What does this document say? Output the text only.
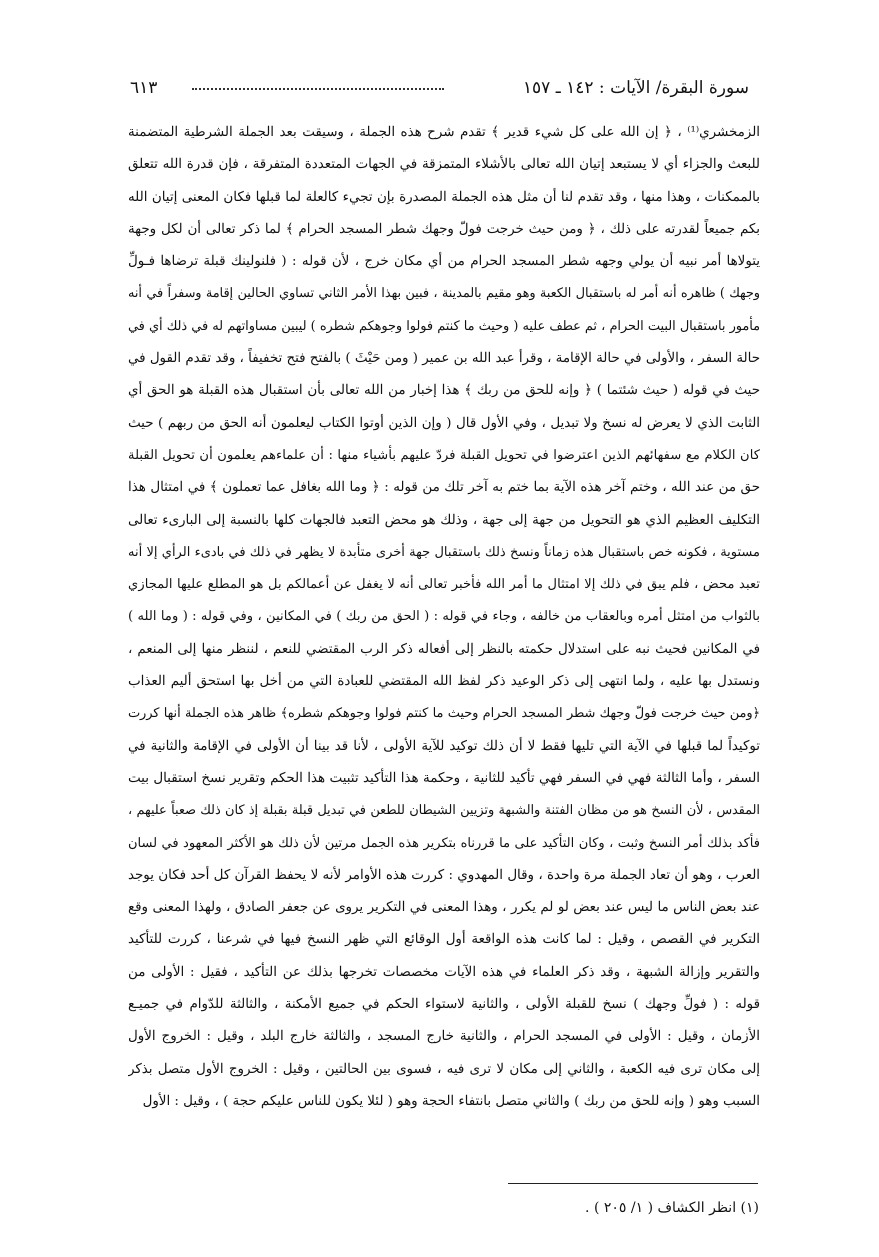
سورة البقرة/ الآيات : ١٤٢ ـ ١٥٧
٦١٣
الزمخشري⁽¹⁾ ، ﴿ إن الله على كل شيء قدير ﴾ تقدم شرح هذه الجملة ، وسيقت بعد الجملة الشرطية المتضمنة
للبعث والجزاء أي لا يستبعد إتيان الله تعالى بالأشلاء المتمزقة في الجهات المتعددة المتفرقة ، فإن قدرة الله تتعلق
بالممكنات ، وهذا منها ، وقد تقدم لنا أن مثل هذه الجملة المصدرة بإن تجيء كالعلة لما قبلها فكان المعنى إتيان الله
بكم جميعاً لقدرته على ذلك ، ﴿ ومن حيث خرجت فولّ وجهك شطر المسجد الحرام ﴾ لما ذكر تعالى أن لكل وجهة
يتولاها أمر نبيه أن يولي وجهه شطر المسجد الحرام من أي مكان خرج ، لأن قوله : ( فلنولينك قبلة ترضاها فـولِّ
وجهك ) ظاهره أنه أمر له باستقبال الكعبة وهو مقيم بالمدينة ، فبين بهذا الأمر الثاني تساوي الحالين إقامة وسفراً في أنه
مأمور باستقبال البيت الحرام ، ثم عطف عليه ( وحيث ما كنتم فولوا وجوهكم شطره ) ليبين مساواتهم له في ذلك أي في
حالة السفر ، والأولى في حالة الإقامة ، وقرأ عبد الله بن عمير ( ومن حَيْثَ ) بالفتح فتح تخفيفاً ، وقد تقدم القول في
حيث في قوله ( حيث شئتما ) ﴿ وإنه للحق من ربك ﴾ هذا إخبار من الله تعالى بأن استقبال هذه القبلة هو الحق أي
الثابت الذي لا يعرض له نسخ ولا تبديل ، وفي الأول قال ( وإن الذين أوتوا الكتاب ليعلمون أنه الحق من ربهم ) حيث
كان الكلام مع سفهائهم الذين اعترضوا في تحويل القبلة فردّ عليهم بأشياء منها : أن علماءهم يعلمون أن تحويل القبلة
حق من عند الله ، وختم آخر هذه الآية بما ختم به آخر تلك من قوله : ﴿ وما الله بغافل عما تعملون ﴾ في امتثال هذا
التكليف العظيم الذي هو التحويل من جهة إلى جهة ، وذلك هو محض التعبد فالجهات كلها بالنسبة إلى البارىء تعالى
مستوية ، فكونه خص باستقبال هذه زماناً ونسخ ذلك باستقبال جهة أخرى متأبدة لا يظهر في ذلك في بادىء الرأي إلا أنه
تعبد محض ، فلم يبق في ذلك إلا امتثال ما أمر الله فأخبر تعالى أنه لا يغفل عن أعمالكم بل هو المطلع عليها المجازي
بالثواب من امتثل أمره وبالعقاب من خالفه ، وجاء في قوله : ( الحق من ربك ) في المكانين ، وفي قوله : ( وما الله )
في المكانين فحيث نبه على استدلال حكمته بالنظر إلى أفعاله ذكر الرب المقتضي للنعم ، لننظر منها إلى المنعم ،
ونستدل بها عليه ، ولما انتهى إلى ذكر الوعيد ذكر لفظ الله المقتضي للعبادة التي من أخل بها استحق أليم العذاب
﴿ومن حيث خرجت فولّ وجهك شطر المسجد الحرام وحيث ما كنتم فولوا وجوهكم شطره﴾ ظاهر هذه الجملة أنها كررت
توكيداً لما قبلها في الآية التي تليها فقط لا أن ذلك توكيد للآية الأولى ، لأنا قد بينا أن الأولى في الإقامة والثانية في
السفر ، وأما الثالثة فهي في السفر فهي تأكيد للثانية ، وحكمة هذا التأكيد تثبيت هذا الحكم وتقرير نسخ استقبال بيت
المقدس ، لأن النسخ هو من مظان الفتنة والشبهة وتزيين الشيطان للطعن في تبديل قبلة بقبلة إذ كان ذلك صعباً عليهم ،
فأكد بذلك أمر النسخ وثبت ، وكان التأكيد على ما قررناه بتكرير هذه الجمل مرتين لأن ذلك هو الأكثر المعهود في لسان
العرب ، وهو أن تعاد الجملة مرة واحدة ، وقال المهدوي : كررت هذه الأوامر لأنه لا يحفظ القرآن كل أحد فكان يوجد
عند بعض الناس ما ليس عند بعض لو لم يكرر ، وهذا المعنى في التكرير يروى عن جعفر الصادق ، ولهذا المعنى وقع
التكرير في القصص ، وقيل : لما كانت هذه الواقعة أول الوقائع التي ظهر النسخ فيها في شرعنا ، كررت للتأكيد
والتقرير وإزالة الشبهة ، وقد ذكر العلماء في هذه الآيات مخصصات تخرجها بذلك عن التأكيد ، فقيل : الأولى من
قوله : ( فولِّ وجهك ) نسخ للقبلة الأولى ، والثانية لاستواء الحكم في جميع الأمكنة ، والثالثة للدّوام في جميـع
الأزمان ، وقيل : الأولى في المسجد الحرام ، والثانية خارج المسجد ، والثالثة خارج البلد ، وقيل : الخروج الأول
إلى مكان ترى فيه الكعبة ، والثاني إلى مكان لا ترى فيه ، فسوى بين الحالتين ، وقيل : الخروج الأول متصل بذكر
السبب وهو ( وإنه للحق من ربك ) والثاني متصل بانتفاء الحجة وهو ( لئلا يكون للناس عليكم حجة ) ، وقيل : الأول
(١) انظر الكشاف ( ١/ ٢٠٥ ) .
